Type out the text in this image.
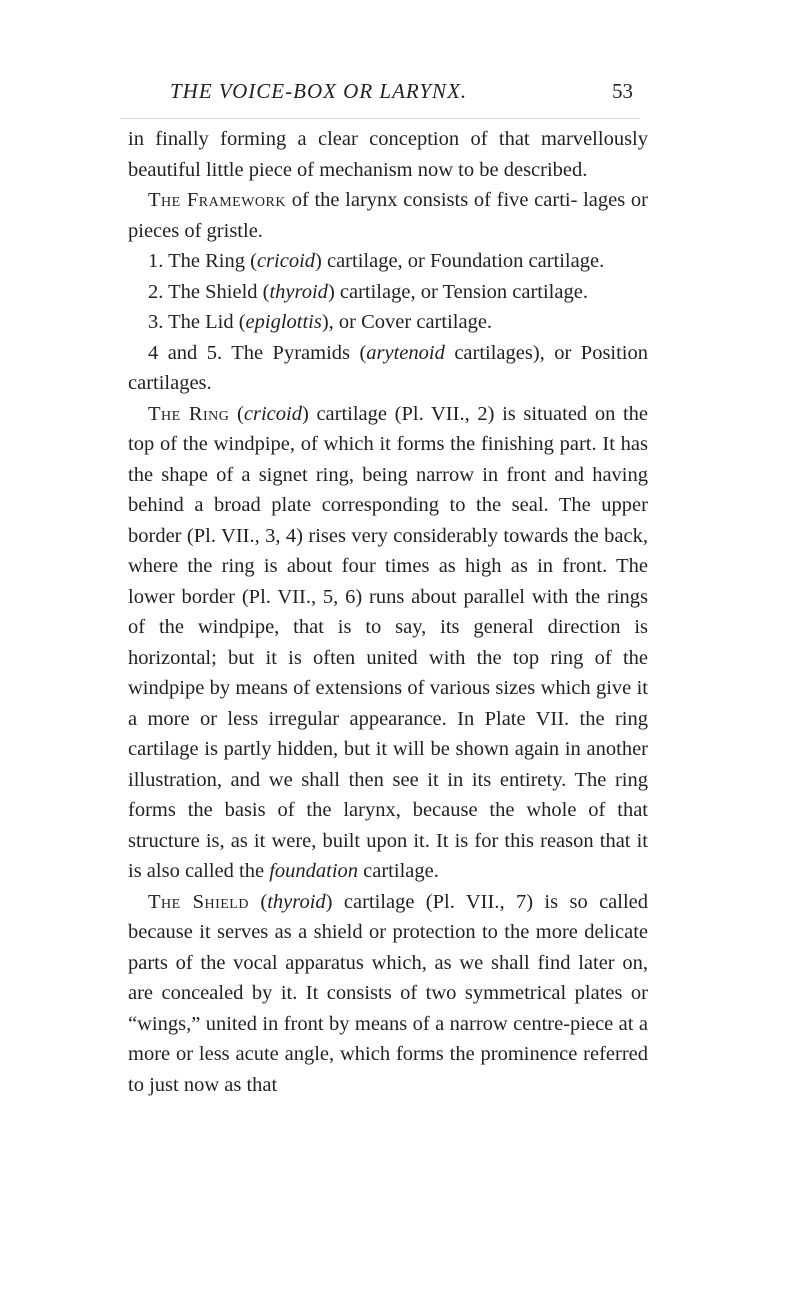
THE VOICE-BOX OR LARYNX.	53

in finally forming a clear conception of that marvellously beautiful little piece of mechanism now to be described.

The Framework of the larynx consists of five carti- lages or pieces of gristle.

1. The Ring (cricoid) cartilage, or Foundation cartilage.

2. The Shield (thyroid) cartilage, or Tension cartilage.

3. The Lid (epiglottis), or Cover cartilage.

4 and 5. The Pyramids (arytenoid cartilages), or Position cartilages.

The Ring (cricoid) cartilage (Pl. VII., 2) is situated on the top of the windpipe, of which it forms the finishing part. It has the shape of a signet ring, being narrow in front and having behind a broad plate corresponding to the seal. The upper border (Pl. VII., 3, 4) rises very considerably towards the back, where the ring is about four times as high as in front. The lower border (Pl. VII., 5, 6) runs about parallel with the rings of the windpipe, that is to say, its general direction is horizontal; but it is often united with the top ring of the windpipe by means of extensions of various sizes which give it a more or less irregular appearance. In Plate VII. the ring cartilage is partly hidden, but it will be shown again in another illustration, and we shall then see it in its entirety. The ring forms the basis of the larynx, because the whole of that structure is, as it were, built upon it. It is for this reason that it is also called the foundation cartilage.

The Shield (thyroid) cartilage (Pl. VII., 7) is so called because it serves as a shield or protection to the more delicate parts of the vocal apparatus which, as we shall find later on, are concealed by it. It consists of two symmetrical plates or “wings,” united in front by means of a narrow centre-piece at a more or less acute angle, which forms the prominence referred to just now as that
